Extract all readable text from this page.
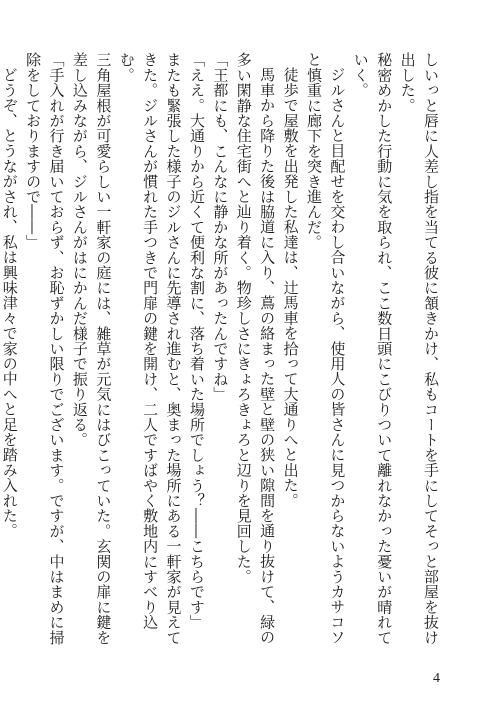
しいっと唇に人差し指を当てる彼に頷きかけ、私もコートを手にしてそっと部屋を抜け出した。

秘密めかした行動に気を取られ、ここ数日頭にこびりついて離れなかった憂いが晴れていく。

ジルさんと目配せを交わし合いながら、使用人の皆さんに見つからないようカサコソと慎重に廊下を突き進んだ。

徒歩で屋敷を出発した私達は、辻馬車を拾って大通りへと出た。

馬車から降りた後は脇道に入り、蔦の絡まった壁と壁の狭い隙間を通り抜けて、緑の多い閑静な住宅街へと辿り着く。物珍しさにきょろきょろと辺りを見回した。

「王都にも、こんなに静かな所があったんですね」

「ええ。大通りから近くて便利な割に、落ち着いた場所でしょう？――こちらです」

またも緊張した様子のジルさんに先導され進むと、奥まった場所にある一軒家が見えてきた。ジルさんが慣れた手つきで門扉の鍵を開け、二人ですばやく敷地内にすべり込む。

三角屋根が可愛らしい一軒家の庭には、雑草が元気にはびこっていた。玄関の扉に鍵を差し込みながら、ジルさんがはにかんだ様子で振り返る。

「手入れが行き届いておらず、お恥ずかしい限りでございます。ですが、中はまめに掃除をしておりますので――」

どうぞ、とうながされ、私は興味津々で家の中へと足を踏み入れた。

4
